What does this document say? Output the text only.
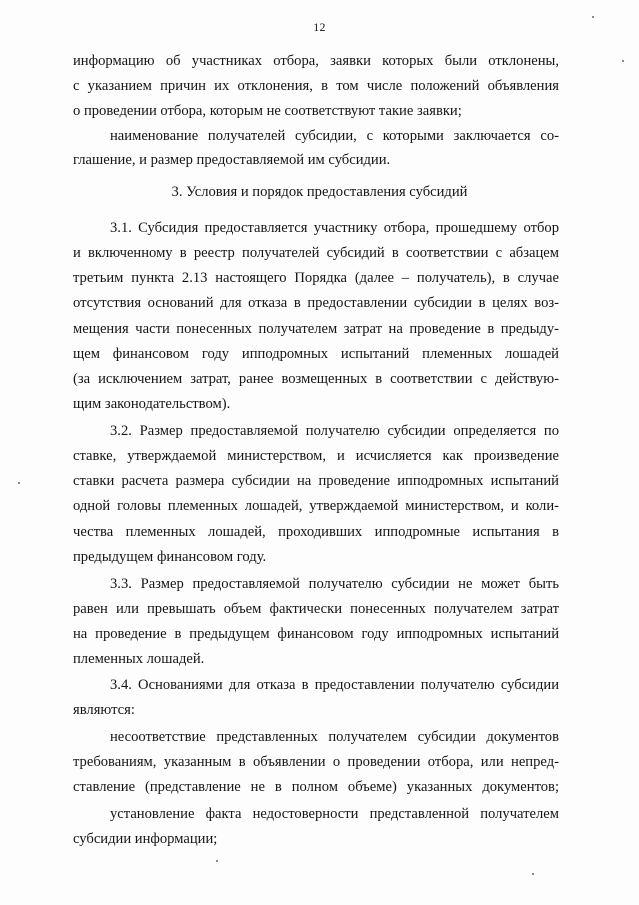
12
информацию об участниках отбора, заявки которых были отклонены,
с указанием причин их отклонения, в том числе положений объявления
о проведении отбора, которым не соответствуют такие заявки;
наименование получателей субсидии, с которыми заключается со-
глашение, и размер предоставляемой им субсидии.
3. Условия и порядок предоставления субсидий
3.1. Субсидия предоставляется участнику отбора, прошедшему отбор
и включенному в реестр получателей субсидий в соответствии с абзацем
третьим пункта 2.13 настоящего Порядка (далее – получатель), в случае
отсутствия оснований для отказа в предоставлении субсидии в целях воз-
мещения части понесенных получателем затрат на проведение в предыду-
щем финансовом году ипподромных испытаний племенных лошадей
(за исключением затрат, ранее возмещенных в соответствии с действую-
щим законодательством).
3.2. Размер предоставляемой получателю субсидии определяется по
ставке, утверждаемой министерством, и исчисляется как произведение
ставки расчета размера субсидии на проведение ипподромных испытаний
одной головы племенных лошадей, утверждаемой министерством, и коли-
чества племенных лошадей, проходивших ипподромные испытания в
предыдущем финансовом году.
3.3. Размер предоставляемой получателю субсидии не может быть
равен или превышать объем фактически понесенных получателем затрат
на проведение в предыдущем финансовом году ипподромных испытаний
племенных лошадей.
3.4. Основаниями для отказа в предоставлении получателю субсидии
являются:
несоответствие представленных получателем субсидии документов
требованиям, указанным в объявлении о проведении отбора, или непред-
ставление (представление не в полном объеме) указанных документов;
установление факта недостоверности представленной получателем
субсидии информации;
